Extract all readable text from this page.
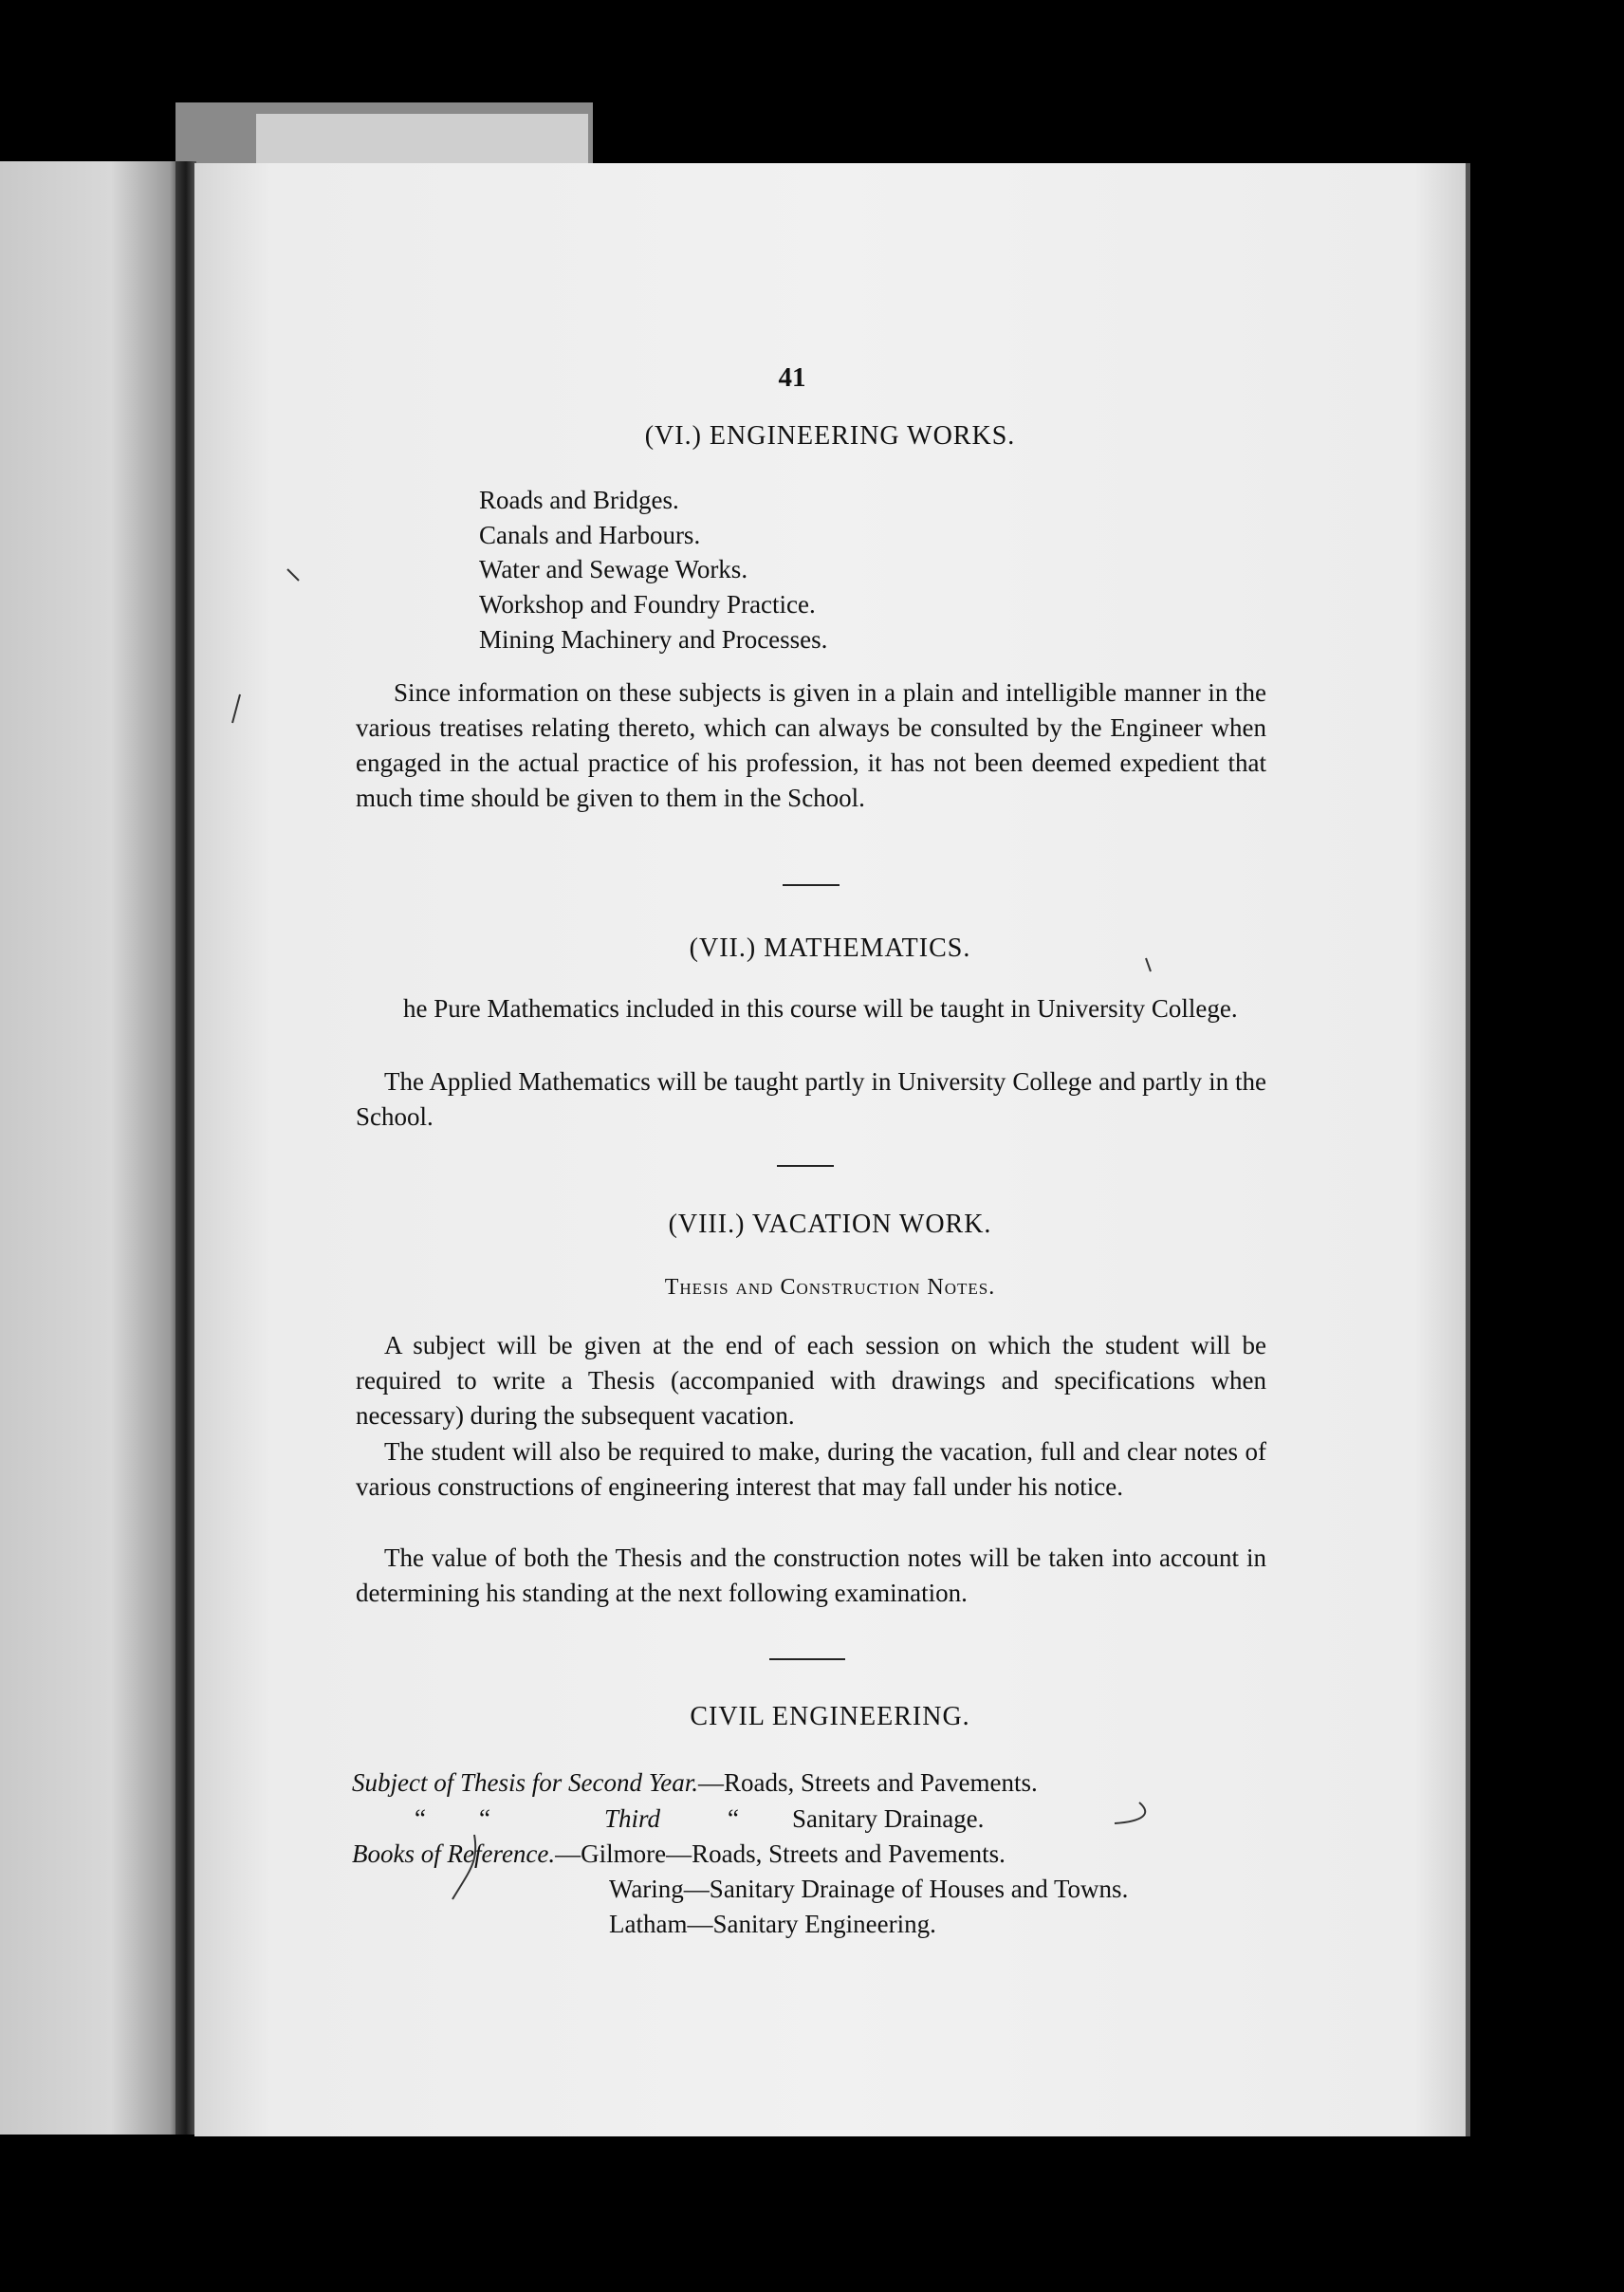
41
(VI.) ENGINEERING WORKS.
Roads and Bridges.
Canals and Harbours.
Water and Sewage Works.
Workshop and Foundry Practice.
Mining Machinery and Processes.
Since information on these subjects is given in a plain and intelligible manner in the various treatises relating thereto, which can always be consulted by the Engineer when engaged in the actual practice of his profession, it has not been deemed expedient that much time should be given to them in the School.
(VII.) MATHEMATICS.
he Pure Mathematics included in this course will be taught in University College.
The Applied Mathematics will be taught partly in University College and partly in the School.
(VIII.) VACATION WORK.
Thesis and Construction Notes.
A subject will be given at the end of each session on which the student will be required to write a Thesis (accompanied with drawings and specifications when necessary) during the subsequent vacation.
The student will also be required to make, during the vacation, full and clear notes of various constructions of engineering interest that may fall under his notice.
The value of both the Thesis and the construction notes will be taken into account in determining his standing at the next following examination.
CIVIL ENGINEERING.
Subject of Thesis for Second Year.—Roads, Streets and Pavements.
“ “	Third	“ Sanitary Drainage.
Books of Reference.—Gilmore—Roads, Streets and Pavements.
Waring—Sanitary Drainage of Houses and Towns.
Latham—Sanitary Engineering.
